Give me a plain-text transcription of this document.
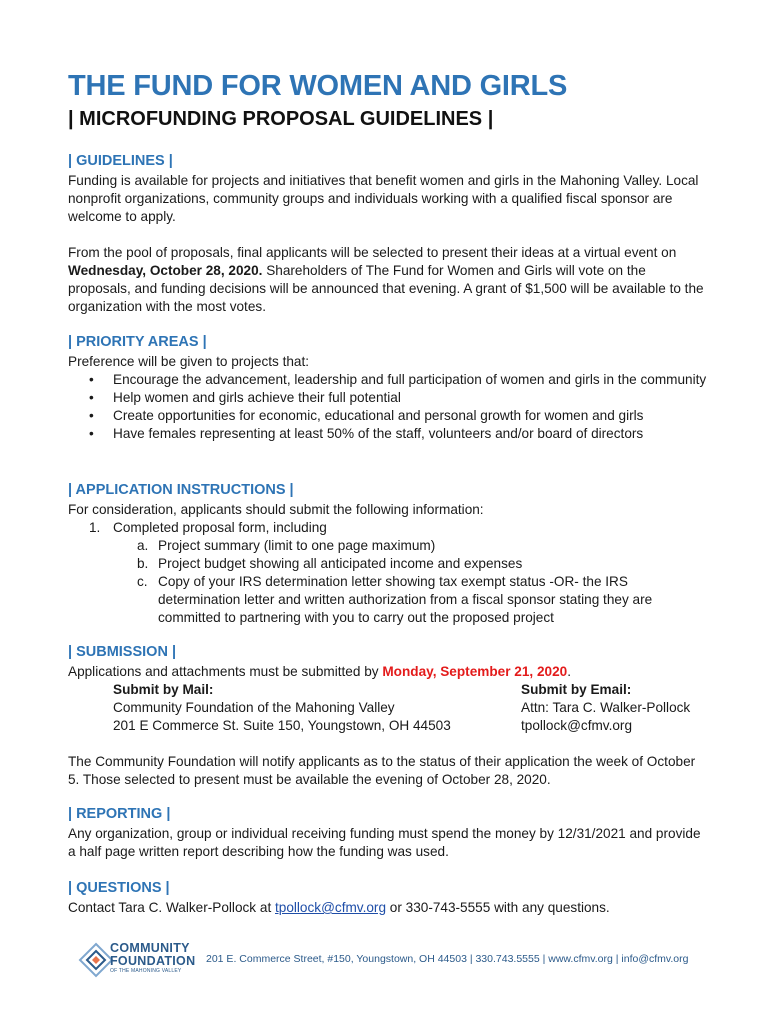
THE FUND FOR WOMEN AND GIRLS
| MICROFUNDING PROPOSAL GUIDELINES |
| GUIDELINES |

Funding is available for projects and initiatives that benefit women and girls in the Mahoning Valley. Local nonprofit organizations, community groups and individuals working with a qualified fiscal sponsor are welcome to apply.

From the pool of proposals, final applicants will be selected to present their ideas at a virtual event on Wednesday, October 28, 2020. Shareholders of The Fund for Women and Girls will vote on the proposals, and funding decisions will be announced that evening. A grant of $1,500 will be available to the organization with the most votes.

| PRIORITY AREAS |

Preference will be given to projects that:

• Encourage the advancement, leadership and full participation of women and girls in the community
• Help women and girls achieve their full potential
• Create opportunities for economic, educational and personal growth for women and girls
• Have females representing at least 50% of the staff, volunteers and/or board of directors
| APPLICATION INSTRUCTIONS |

For consideration, applicants should submit the following information:

1. Completed proposal form, including
a. Project summary (limit to one page maximum)
b. Project budget showing all anticipated income and expenses
c. Copy of your IRS determination letter showing tax exempt status -OR- the IRS determination letter and written authorization from a fiscal sponsor stating they are committed to partnering with you to carry out the proposed project
| SUBMISSION |

Applications and attachments must be submitted by Monday, September 21, 2020.

Submit by Mail:
Community Foundation of the Mahoning Valley
201 E Commerce St. Suite 150, Youngstown, OH 44503
Submit by Email:
Attn: Tara C. Walker-Pollock
tpollock@cfmv.org

The Community Foundation will notify applicants as to the status of their application the week of October 5. Those selected to present must be available the evening of October 28, 2020.

| REPORTING |

Any organization, group or individual receiving funding must spend the money by 12/31/2021 and provide a half page written report describing how the funding was used.

| QUESTIONS |

Contact Tara C. Walker-Pollock at tpollock@cfmv.org or 330-743-5555 with any questions.

COMMUNITY
FOUNDATION
OF THE MAHONING VALLEY
201 E. Commerce Street, #150, Youngstown, OH 44503 | 330.743.5555 | www.cfmv.org | info@cfmv.org
